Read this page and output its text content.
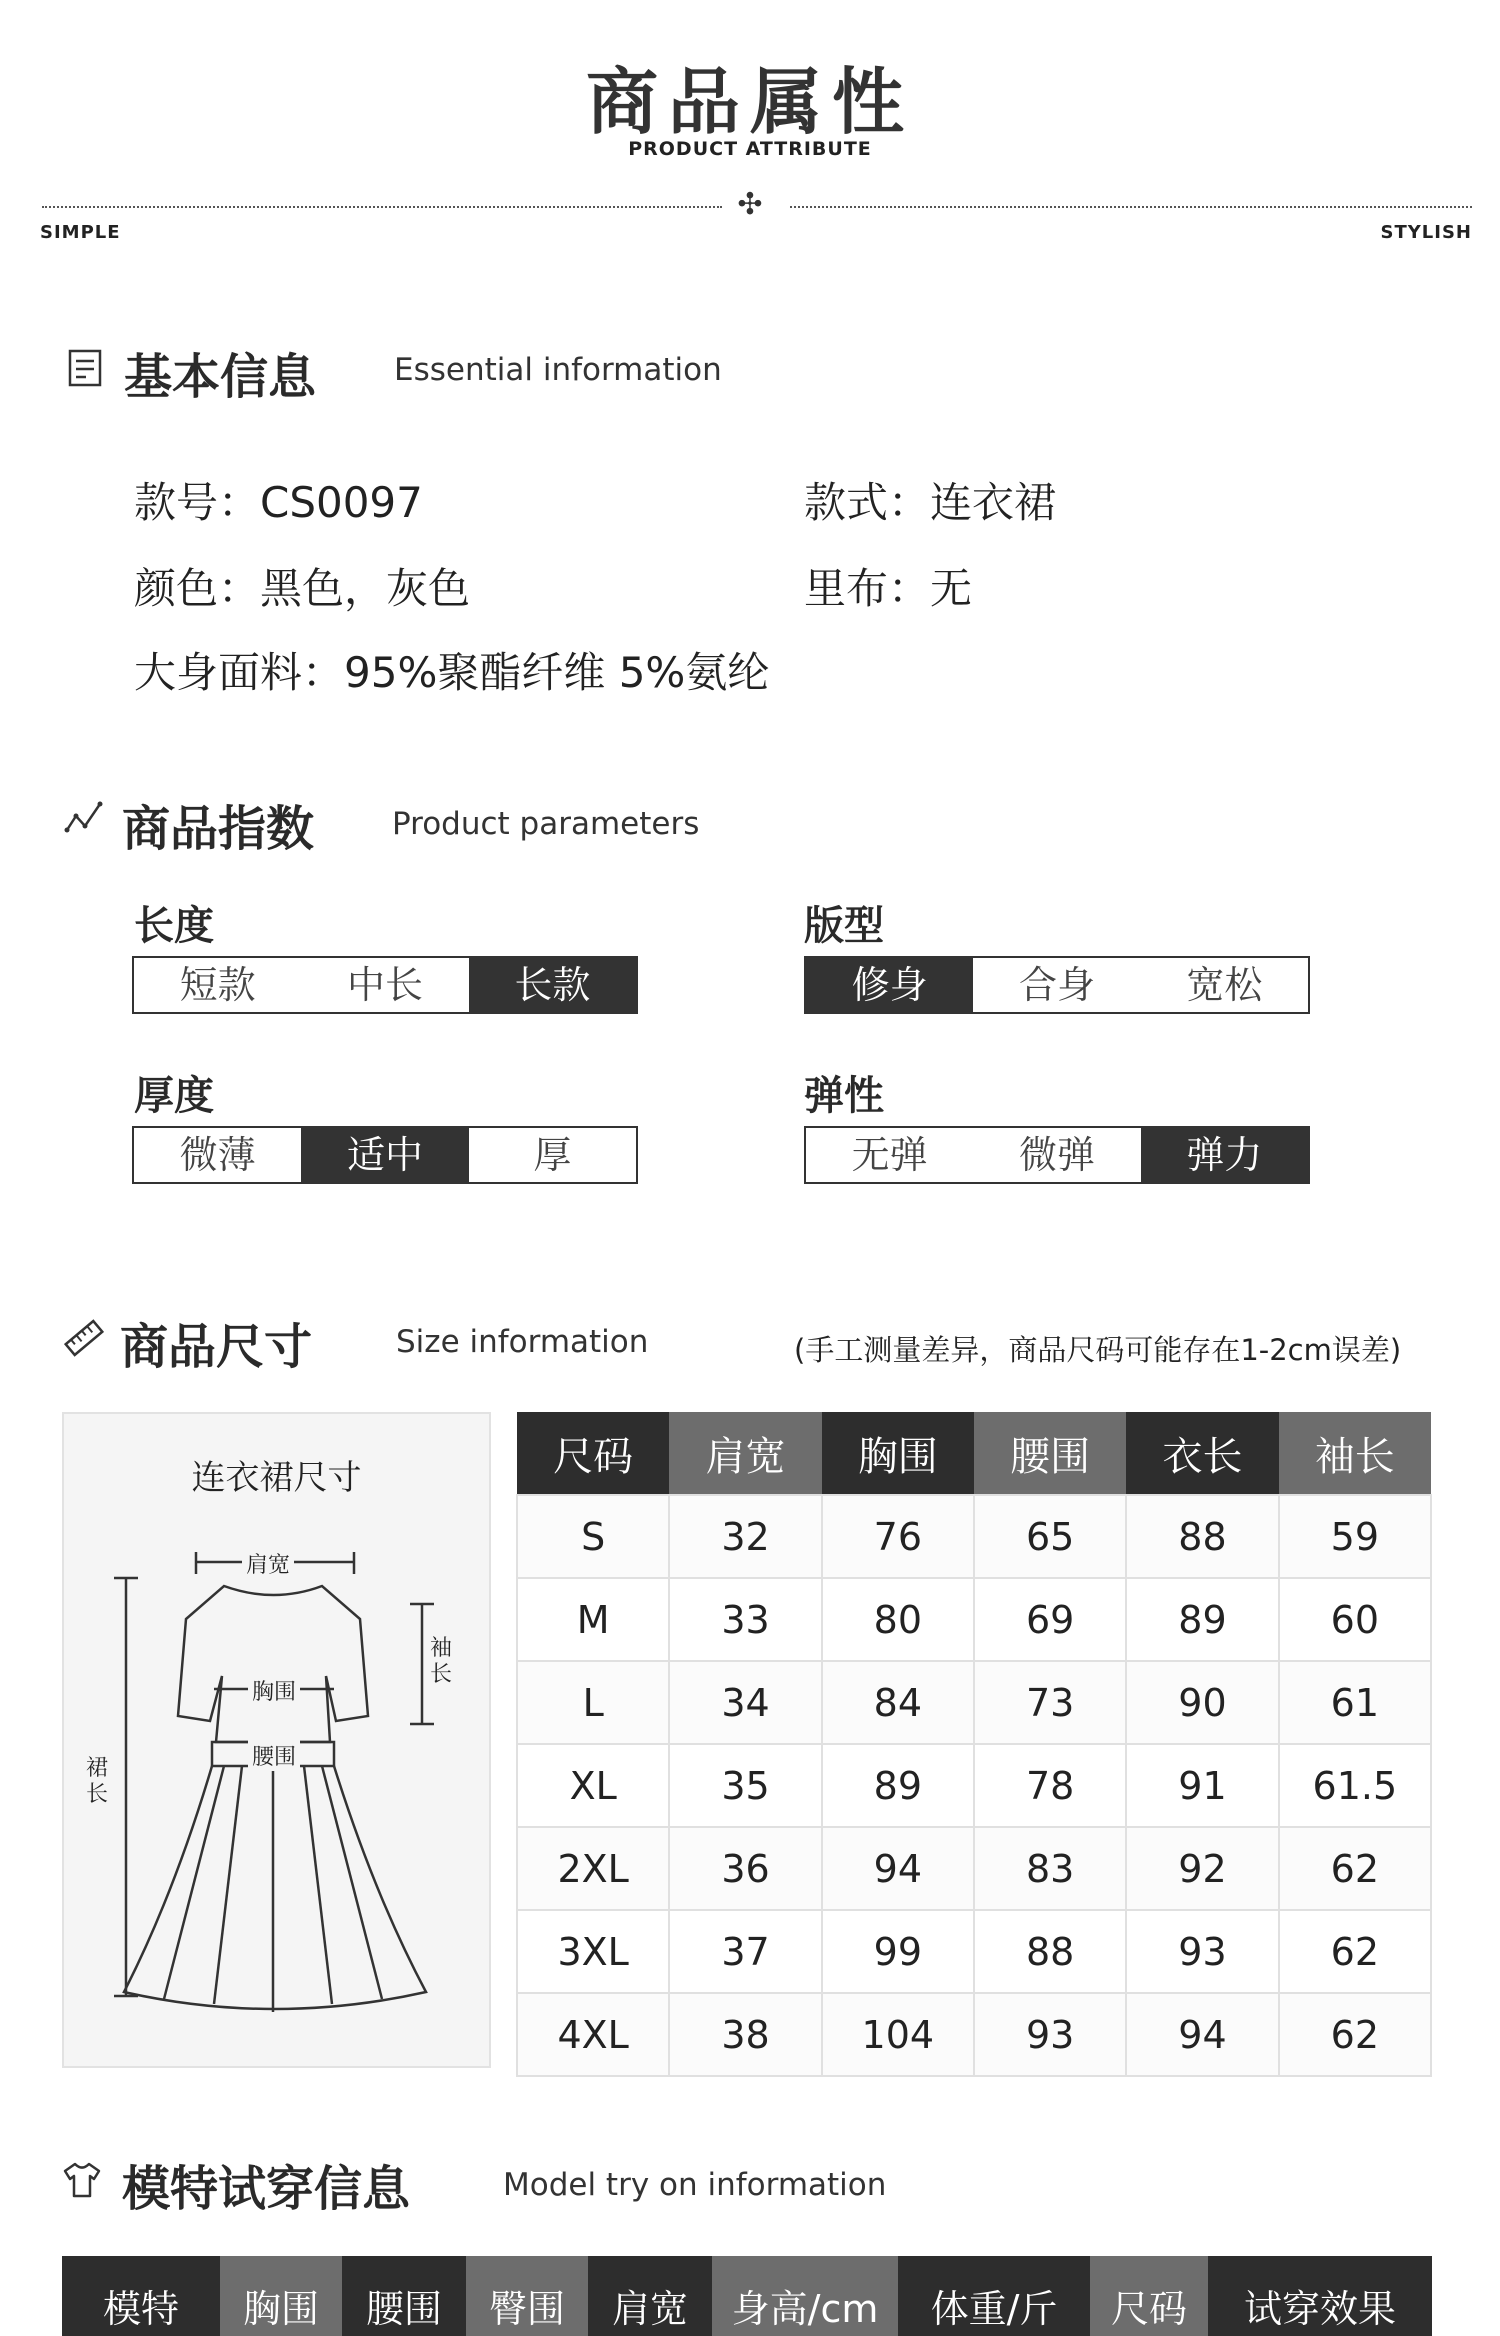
商品属性
PRODUCT ATTRIBUTE
✣
SIMPLE	STYLISH
基本信息	Essential information
款号：CS0097	款式：连衣裙
颜色：黑色，灰色	里布：无
大身面料：95%聚酯纤维 5%氨纶
商品指数	Product parameters
长度
短款	中长	长款
版型
修身	合身	宽松
厚度
微薄	适中	厚
弹性
无弹	微弹	弹力
商品尺寸	Size information	(手工测量差异，商品尺码可能存在1-2cm误差)
连衣裙尺寸
肩宽
胸围
腰围
袖长
裙长
尺码	肩宽	胸围	腰围	衣长	袖长
S	32	76	65	88	59
M	33	80	69	89	60
L	34	84	73	90	61
XL	35	89	78	91	61.5
2XL	36	94	83	92	62
3XL	37	99	88	93	62
4XL	38	104	93	94	62
模特试穿信息	Model try on information
模特	胸围	腰围	臀围	肩宽	身高/cm	体重/斤	尺码	试穿效果
